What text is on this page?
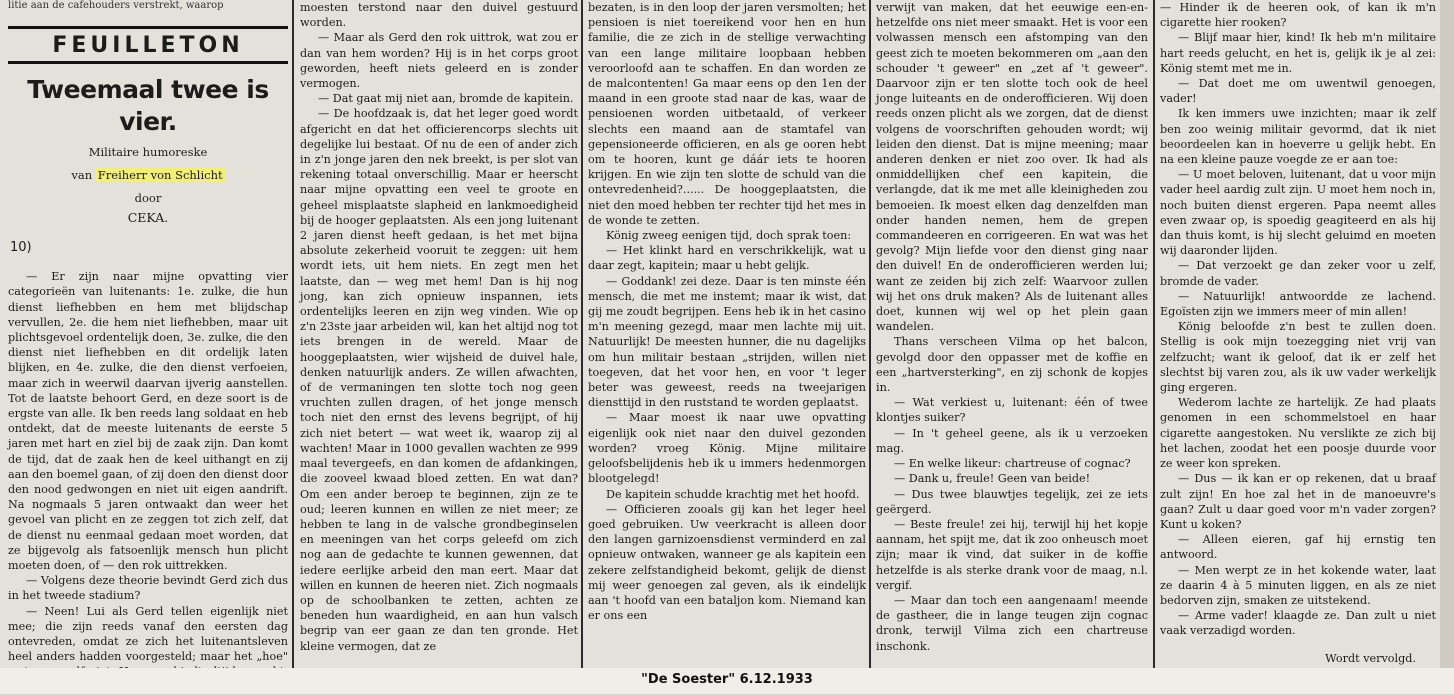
litie aan de cafehouders verstrekt, waarop
FEUILLETON
Tweemaal twee is vier.
Militaire humoreske
van Freiherr von Schlicht
door
CEKA.
10)

— Er zijn naar mijne opvatting vier categorieën van luitenants: 1e. zulke, die hun dienst liefhebben en hem met blijdschap vervullen, 2e. die hem niet liefhebben, maar uit plichtsgevoel ordentelijk doen, 3e. zulke, die den dienst niet liefhebben en dit ordelijk laten blijken, en 4e. zulke, die den dienst verfoeien, maar zich in weerwil daarvan ijverig aanstellen. Tot de laatste behoort Gerd, en deze soort is de ergste van alle. Ik ben reeds lang soldaat en heb ontdekt, dat de meeste luitenants de eerste 5 jaren met hart en ziel bij de zaak zijn. Dan komt de tijd, dat de zaak hen de keel uithangt en zij aan den boemel gaan, of zij doen den dienst door den nood gedwongen en niet uit eigen aandrift. Na nogmaals 5 jaren ontwaakt dan weer het gevoel van plicht en ze zeggen tot zich zelf, dat de dienst nu eenmaal gedaan moet worden, dat ze bijgevolg als fatsoenlijk mensch hun plicht moeten doen, of — den rok uittrekken.

— Volgens deze theorie bevindt Gerd zich dus in het tweede stadium?

— Neen! Lui als Gerd tellen eigenlijk niet mee; die zijn reeds vanaf den eersten dag ontevreden, omdat ze zich het luitenantsleven heel anders hadden voorgesteld; maar het „hoe"

moesten terstond naar den duivel gestuurd worden.

— Maar als Gerd den rok uittrok, wat zou er dan van hem worden? Hij is in het corps groot geworden, heeft niets geleerd en is zonder vermogen.

— Dat gaat mij niet aan, bromde de kapitein.

— De hoofdzaak is, dat het leger goed wordt afgericht en dat het officierencorps slechts uit degelijke lui bestaat. Of nu de een of ander zich in z'n jonge jaren den nek breekt, is per slot van rekening totaal onverschillig. Maar er heerscht naar mijne opvatting een veel te groote en geheel misplaatste slapheid en lankmoedigheid bij de hooger geplaatsten. Als een jong luitenant 2 jaren dienst heeft gedaan, is het met bijna absolute zekerheid vooruit te zeggen: uit hem wordt iets, uit hem niets. En zegt men het laatste, dan — weg met hem! Dan is hij nog jong, kan zich opnieuw inspannen, iets ordentelijks leeren en zijn weg vinden. Wie op z'n 23ste jaar arbeiden wil, kan het altijd nog tot iets brengen in de wereld. Maar de hooggeplaatsten, wier wijsheid de duivel hale, denken natuurlijk anders. Ze willen afwachten, of de vermaningen ten slotte toch nog geen vruchten zullen dragen, of het jonge mensch toch niet den ernst des levens begrijpt, of hij zich niet betert — wat weet ik, waarop zij al wachten! Maar in 1000 gevallen wachten ze 999 maal tevergeefs, en dan komen de afdankingen, die zooveel kwaad bloed zetten. En wat dan? Om een ander beroep te beginnen, zijn ze te oud; leeren kunnen en willen ze niet meer; ze hebben te lang in de valsche grondbeginselen en meeningen van het corps geleefd om zich nog aan de gedachte te kunnen gewennen, dat iedere eerlijke arbeid den man eert. Maar dat willen en kunnen de heeren niet. Zich nogmaals op de schoolbanken te zetten, achten ze beneden hun waardigheid, en aan hun valsch begrip van eer gaan ze dan ten gronde. Het kleine vermogen, dat ze

bezaten, is in den loop der jaren versmolten; het pensioen is niet toereikend voor hen en hun familie, die ze zich in de stellige verwachting van een lange militaire loopbaan hebben veroorloofd aan te schaffen. En dan worden ze de malcontenten! Ga maar eens op den 1en der maand in een groote stad naar de kas, waar de pensioenen worden uitbetaald, of verkeer slechts een maand aan de stamtafel van gepensioneerde officieren, en als ge ooren hebt om te hooren, kunt ge dáár iets te hooren krijgen. En wie zijn ten slotte de schuld van die ontevredenheid?...... De hooggeplaatsten, die niet den moed hebben ter rechter tijd het mes in de wonde te zetten.

König zweeg eenigen tijd, doch sprak toen:

— Het klinkt hard en verschrikkelijk, wat u daar zegt, kapitein; maar u hebt gelijk.

— Goddank! zei deze. Daar is ten minste één mensch, die met me instemt; maar ik wist, dat gij me zoudt begrijpen. Eens heb ik in het casino m'n meening gezegd, maar men lachte mij uit. Natuurlijk! De meesten hunner, die nu dagelijks om hun militair bestaan „strijden, willen niet toegeven, dat het voor hen, en voor 't leger beter was geweest, reeds na tweejarigen diensttijd in den ruststand te worden geplaatst.

— Maar moest ik naar uwe opvatting eigenlijk ook niet naar den duivel gezonden worden? vroeg König. Mijne militaire geloofsbelijdenis heb ik u immers hedenmorgen blootgelegd!

De kapitein schudde krachtig met het hoofd.

— Officieren zooals gij kan het leger heel goed gebruiken. Uw veerkracht is alleen door den langen garnizoensdienst verminderd en zal opnieuw ontwaken, wanneer ge als kapitein een zekere zelfstandigheid bekomt, gelijk de dienst mij weer genoegen zal geven, als ik eindelijk aan 't hoofd van een bataljon kom. Niemand kan er ons een

verwijt van maken, dat het eeuwige een-en-hetzelfde ons niet meer smaakt. Het is voor een volwassen mensch een afstomping van den geest zich te moeten bekommeren om „aan den schouder 't geweer" en „zet af 't geweer". Daarvoor zijn er ten slotte toch ook de heel jonge luiteants en de onderofficieren. Wij doen reeds onzen plicht als we zorgen, dat de dienst volgens de voorschriften gehouden wordt; wij leiden den dienst. Dat is mijne meening; maar anderen denken er niet zoo over. Ik had als onmiddellijken chef een kapitein, die verlangde, dat ik me met alle kleinigheden zou bemoeien. Ik moest elken dag denzelfden man onder handen nemen, hem de grepen commandeeren en corrigeeren. En wat was het gevolg? Mijn liefde voor den dienst ging naar den duivel! En de onderofficieren werden lui; want ze zeiden bij zich zelf: Waarvoor zullen wij het ons druk maken? Als de luitenant alles doet, kunnen wij wel op het plein gaan wandelen.

Thans verscheen Vilma op het balcon, gevolgd door den oppasser met de koffie en een „hartversterking", en zij schonk de kopjes in.

— Wat verkiest u, luitenant: één of twee klontjes suiker?

— In 't geheel geene, als ik u verzoeken mag.

— En welke likeur: chartreuse of cognac?

— Dank u, freule! Geen van beide!

— Dus twee blauwtjes tegelijk, zei ze iets geërgerd.

— Beste freule! zei hij, terwijl hij het kopje aannam, het spijt me, dat ik zoo onheusch moet zijn; maar ik vind, dat suiker in de koffie hetzelfde is als sterke drank voor de maag, n.l. vergif.

— Maar dan toch een aangenaam! meende de gastheer, die in lange teugen zijn cognac dronk, terwijl Vilma zich een chartreuse inschonk.

— Hinder ik de heeren ook, of kan ik m'n cigarette hier rooken?

— Blijf maar hier, kind! Ik heb m'n militaire hart reeds gelucht, en het is, gelijk ik je al zei: König stemt met me in.

— Dat doet me om uwentwil genoegen, vader!

Ik ken immers uwe inzichten; maar ik zelf ben zoo weinig militair gevormd, dat ik niet beoordeelen kan in hoeverre u gelijk hebt. En na een kleine pauze voegde ze er aan toe:

— U moet beloven, luitenant, dat u voor mijn vader heel aardig zult zijn. U moet hem noch in, noch buiten dienst ergeren. Papa neemt alles even zwaar op, is spoedig geagiteerd en als hij dan thuis komt, is hij slecht geluimd en moeten wij daaronder lijden.

— Dat verzoekt ge dan zeker voor u zelf, bromde de vader.

— Natuurlijk! antwoordde ze lachend. Egoïsten zijn we immers meer of min allen!

König beloofde z'n best te zullen doen. Stellig is ook mijn toezegging niet vrij van zelfzucht; want ik geloof, dat ik er zelf het slechtst bij varen zou, als ik uw vader werkelijk ging ergeren.

Wederom lachte ze hartelijk. Ze had plaats genomen in een schommelstoel en haar cigarette aangestoken. Nu verslikte ze zich bij het lachen, zoodat het een poosje duurde voor ze weer kon spreken.

— Dus — ik kan er op rekenen, dat u braaf zult zijn! En hoe zal het in de manoeuvre's gaan? Zult u daar goed voor m'n vader zorgen? Kunt u koken?

— Alleen eieren, gaf hij ernstig ten antwoord.

— Men werpt ze in het kokende water, laat ze daarin 4 à 5 minuten liggen, en als ze niet bedorven zijn, smaken ze uitstekend.

— Arme vader! klaagde ze. Dan zult u niet vaak verzadigd worden.

Wordt vervolgd.

"De Soester" 6.12.1933
